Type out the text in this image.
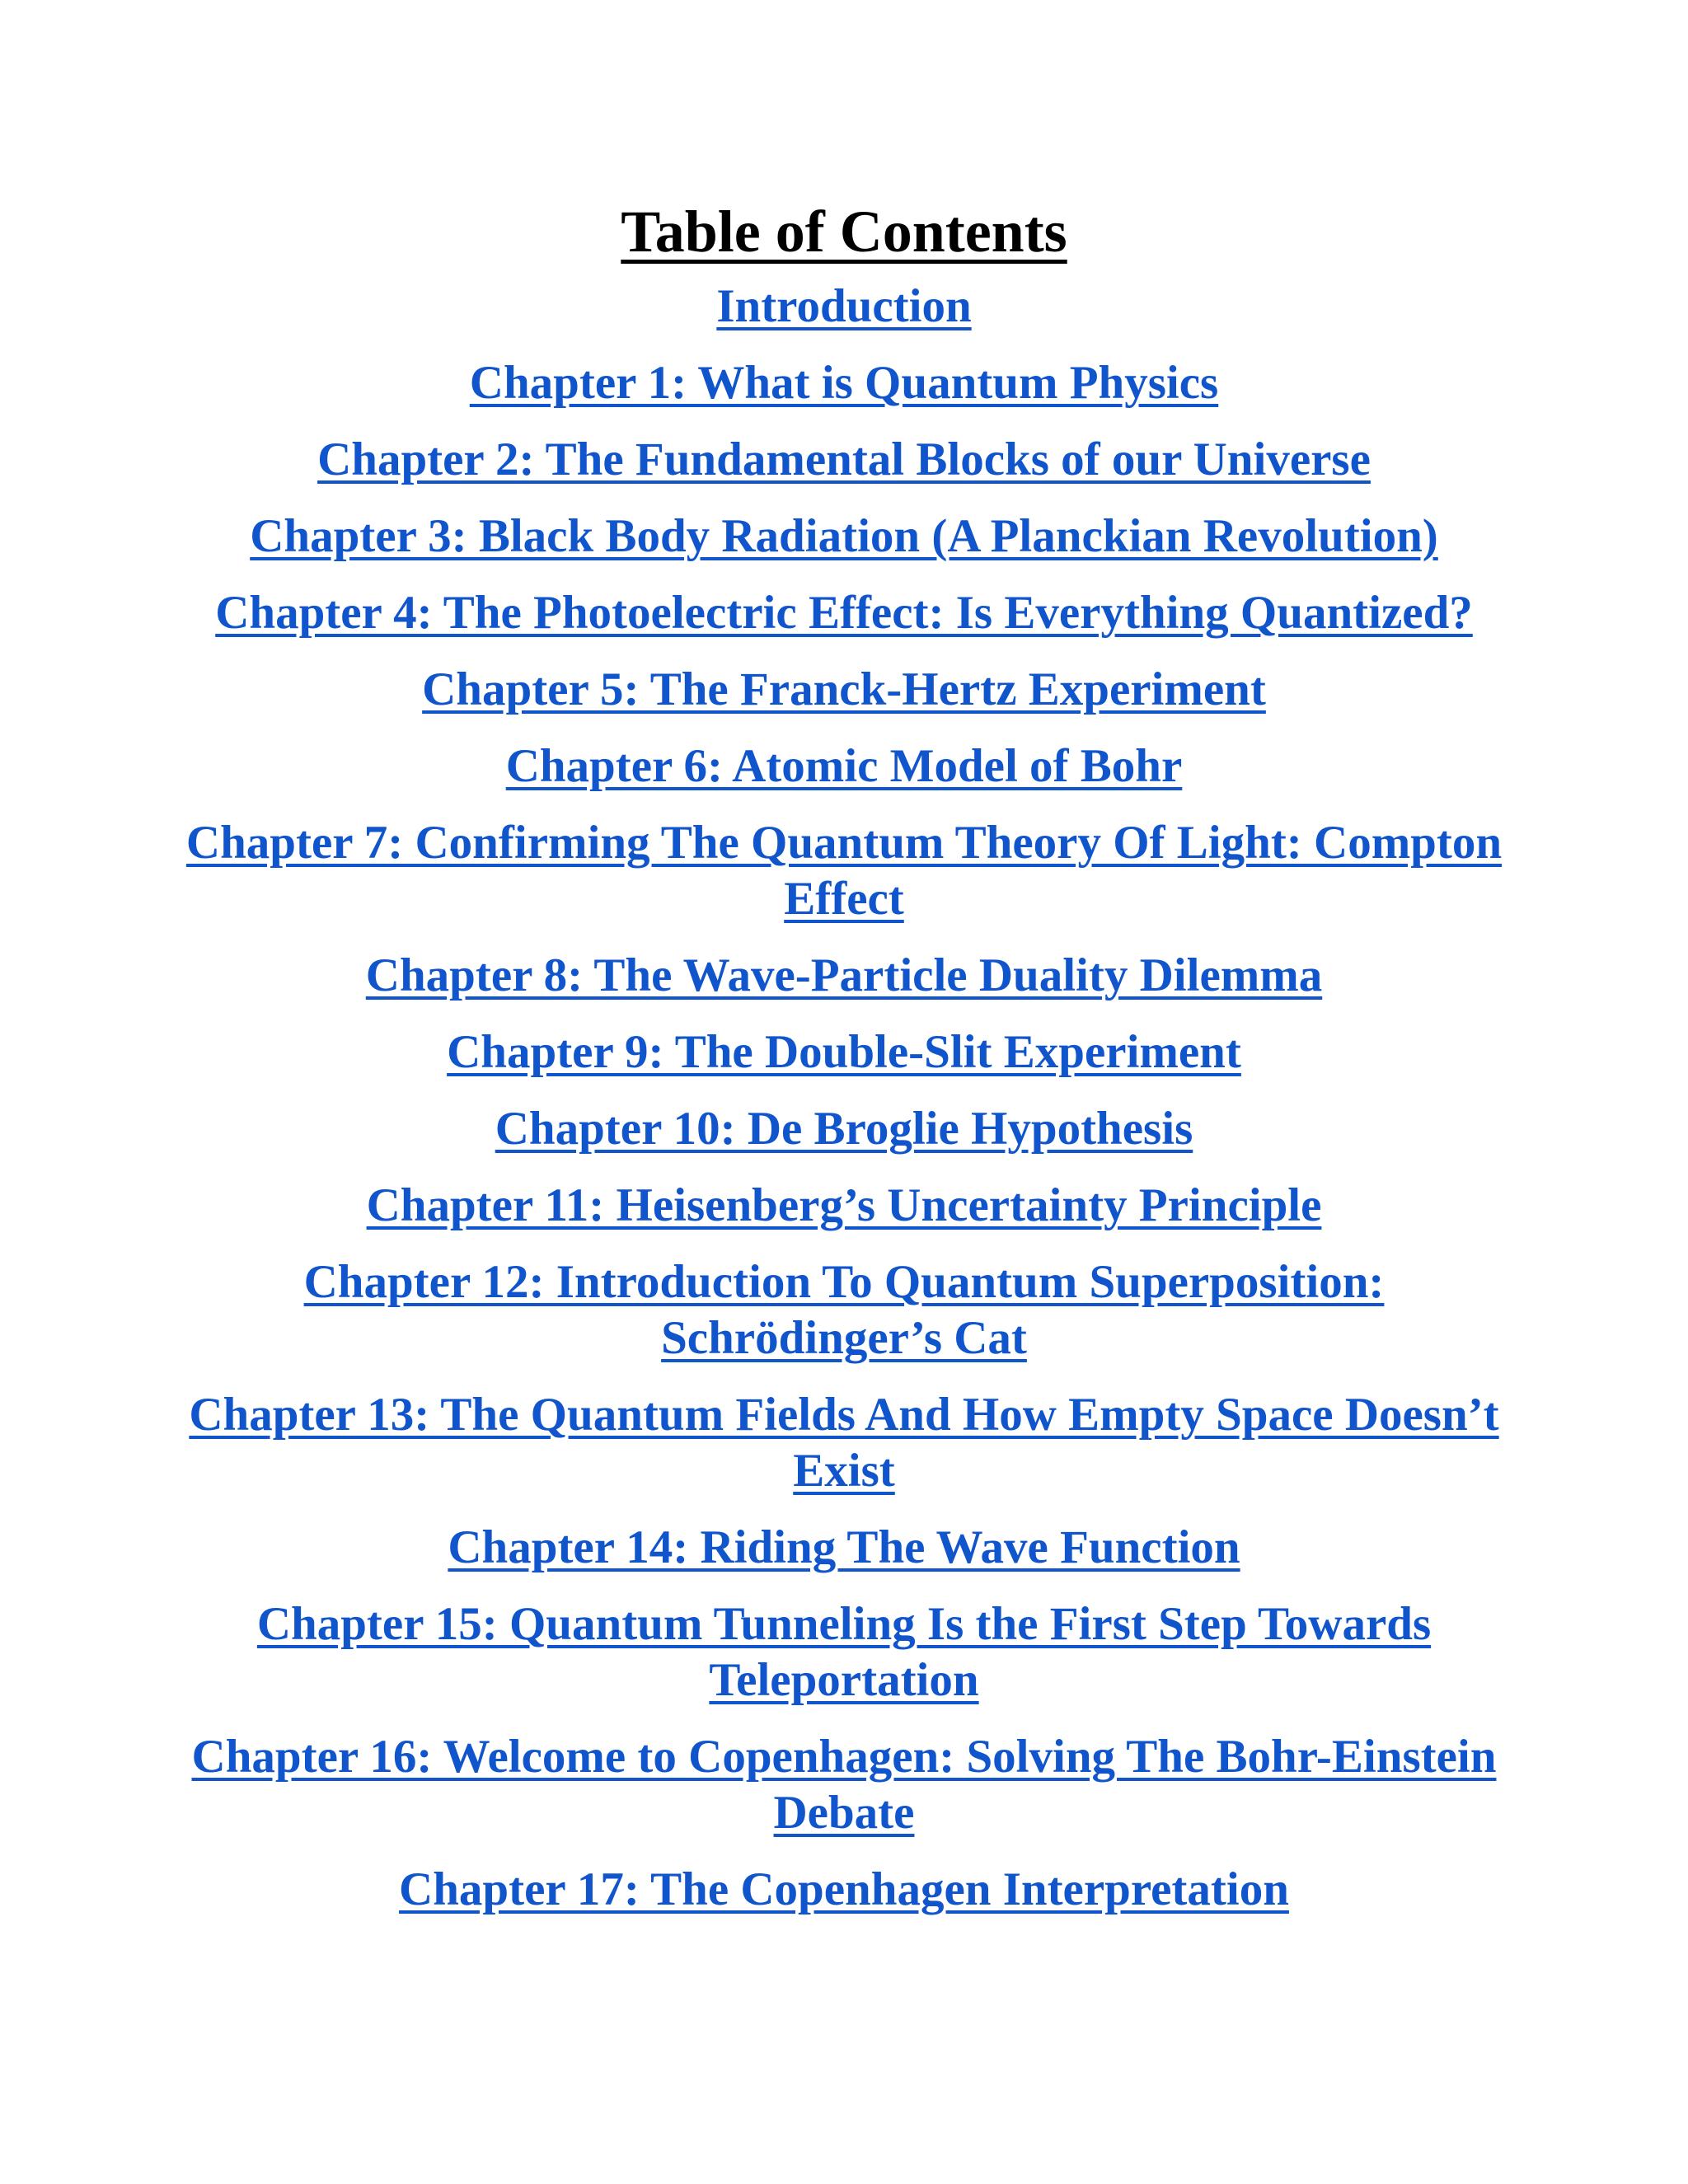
Table of Contents
Introduction
Chapter 1: What is Quantum Physics
Chapter 2: The Fundamental Blocks of our Universe
Chapter 3: Black Body Radiation (A Planckian Revolution)
Chapter 4: The Photoelectric Effect: Is Everything Quantized?
Chapter 5: The Franck-Hertz Experiment
Chapter 6: Atomic Model of Bohr
Chapter 7: Confirming The Quantum Theory Of Light: Compton Effect
Chapter 8: The Wave-Particle Duality Dilemma
Chapter 9: The Double-Slit Experiment
Chapter 10: De Broglie Hypothesis
Chapter 11: Heisenberg’s Uncertainty Principle
Chapter 12: Introduction To Quantum Superposition: Schrödinger’s Cat
Chapter 13: The Quantum Fields And How Empty Space Doesn’t Exist
Chapter 14: Riding The Wave Function
Chapter 15: Quantum Tunneling Is the First Step Towards Teleportation
Chapter 16: Welcome to Copenhagen: Solving The Bohr-Einstein Debate
Chapter 17: The Copenhagen Interpretation
